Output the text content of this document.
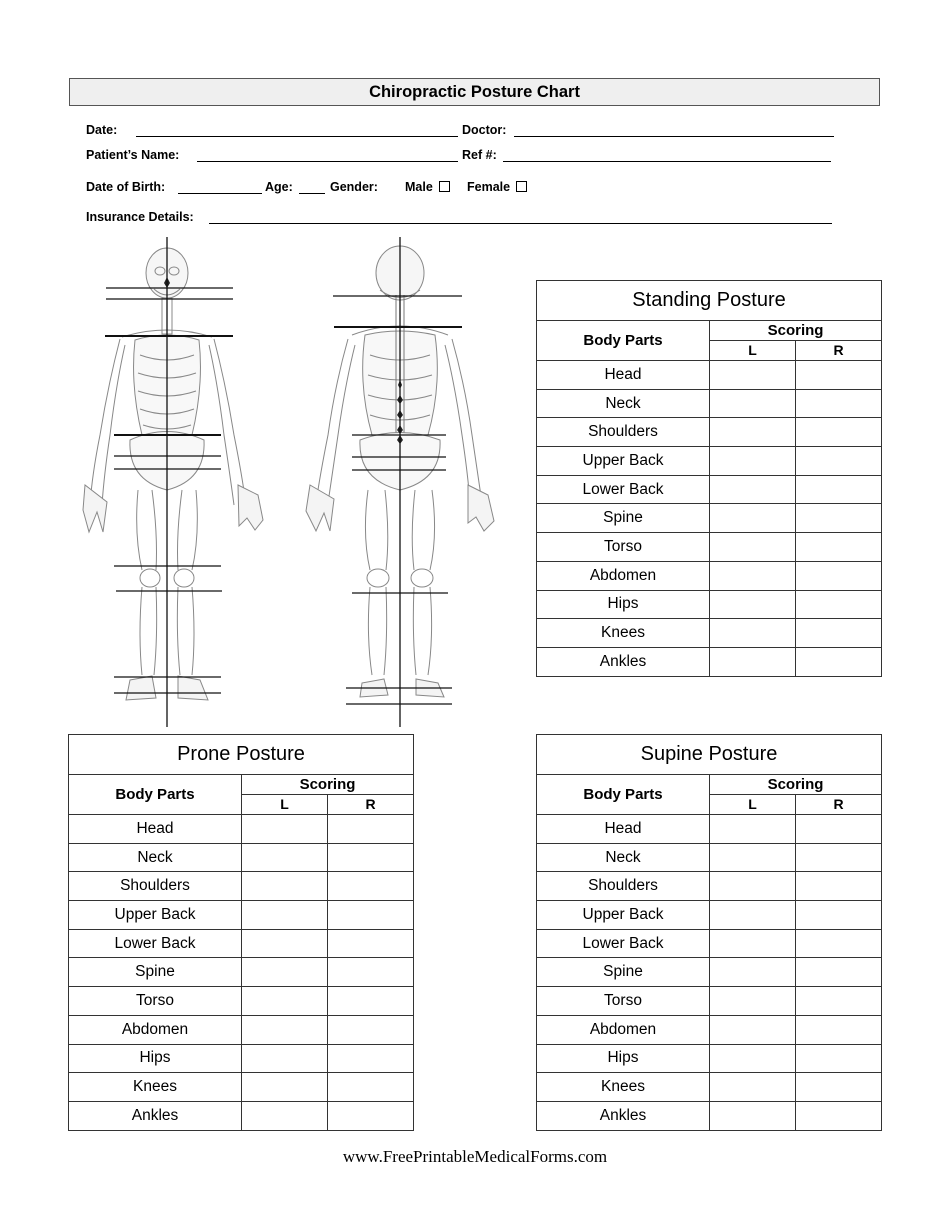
Chiropractic Posture Chart
Date:	Doctor:
Patient’s Name:	Ref #:
Date of Birth:	Age:	Gender: Male	Female
Insurance Details:
Standing Posture		
Body Parts	Scoring	
	L	R
Head		
Neck		
Shoulders		
Upper Back		
Lower Back		
Spine		
Torso		
Abdomen		
Hips		
Knees		
Ankles		
Prone Posture		
Body Parts	Scoring	
	L	R
Head		
Neck		
Shoulders		
Upper Back		
Lower Back		
Spine		
Torso		
Abdomen		
Hips		
Knees		
Ankles		
Supine Posture		
Body Parts	Scoring	
	L	R
Head		
Neck		
Shoulders		
Upper Back		
Lower Back		
Spine		
Torso		
Abdomen		
Hips		
Knees		
Ankles		
www.FreePrintableMedicalForms.com
